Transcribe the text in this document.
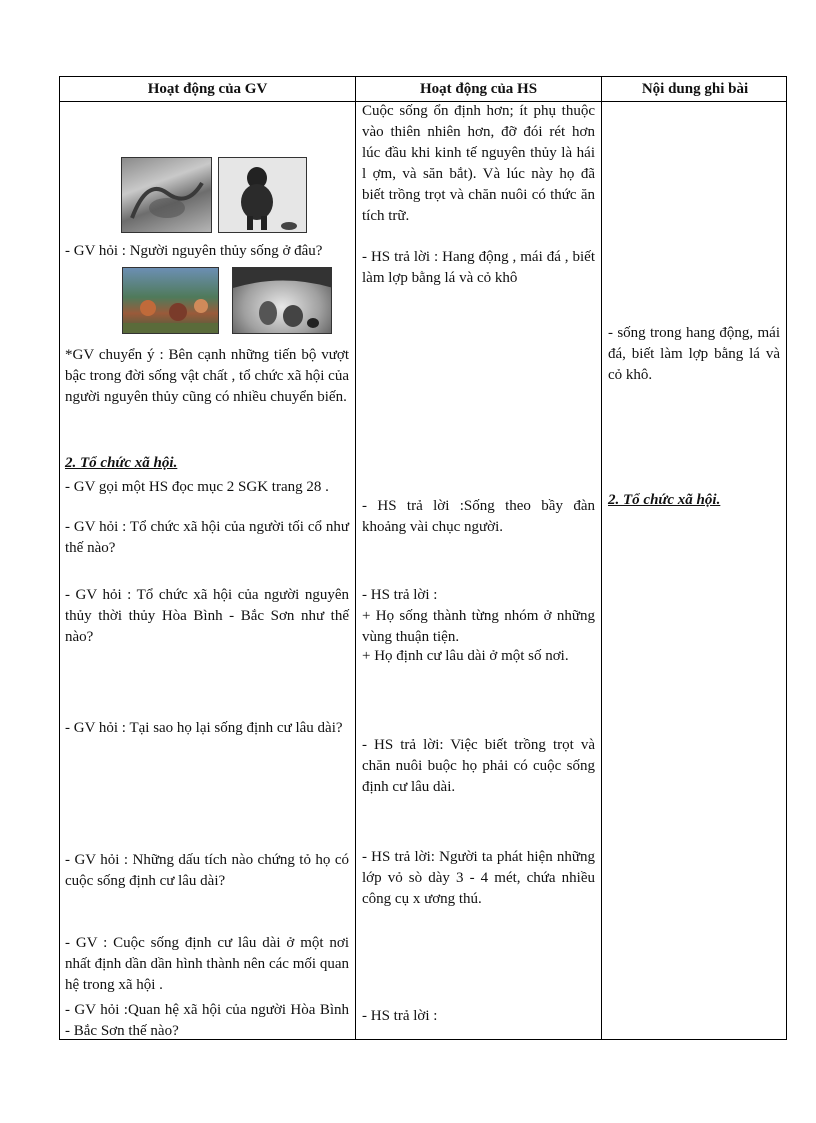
Hoạt động của GV	Hoạt động của HS	Nội dung ghi bài
- GV hỏi : Người nguyên thủy sống ở đâu?
*GV chuyển ý : Bên cạnh những tiến bộ vượt bậc trong đời sống vật chất , tổ chức xã hội của người nguyên thủy cũng có nhiều chuyển biến.
2. Tổ chức xã hội.
- GV gọi một HS đọc mục 2 SGK trang 28 .
- GV hỏi : Tổ chức xã hội của người tối cổ như thế nào?
- GV hỏi : Tổ chức xã hội của người nguyên thủy thời thủy Hòa Bình - Bắc Sơn như thế nào?
- GV hỏi : Tại sao họ lại sống định cư lâu dài?
- GV hỏi : Những dấu tích nào chứng tỏ họ có cuộc sống định cư lâu dài?
- GV : Cuộc sống định cư lâu dài ở một nơi nhất định dần dần hình thành nên các mối quan hệ trong xã hội .
- GV hỏi :Quan hệ xã hội của người Hòa Bình - Bắc Sơn thế nào?
Cuộc sống ổn định hơn; ít phụ thuộc vào thiên nhiên hơn, đỡ đói rét hơn lúc đầu khi kinh tế nguyên thủy là hái l ợm, và săn bắt). Và lúc này họ đã biết trồng trọt và chăn nuôi có thức ăn tích trữ.
- HS trả lời : Hang động , mái đá , biết làm lợp bằng lá và cỏ khô
- HS trả lời :Sống theo bầy đàn khoảng vài chục người.
- HS trả lời :
+ Họ sống thành từng nhóm ở những vùng thuận tiện.
+ Họ định cư lâu dài ở một số nơi.
- HS trả lời: Việc biết trồng trọt và chăn nuôi buộc họ phải có cuộc sống định cư lâu dài.
- HS trả lời: Người ta phát hiện những lớp vỏ sò dày 3 - 4 mét, chứa nhiều công cụ x ương thú.
- HS trả lời :
- sống trong hang động, mái đá, biết làm lợp bằng lá và cỏ khô.
2. Tổ chức xã hội.
